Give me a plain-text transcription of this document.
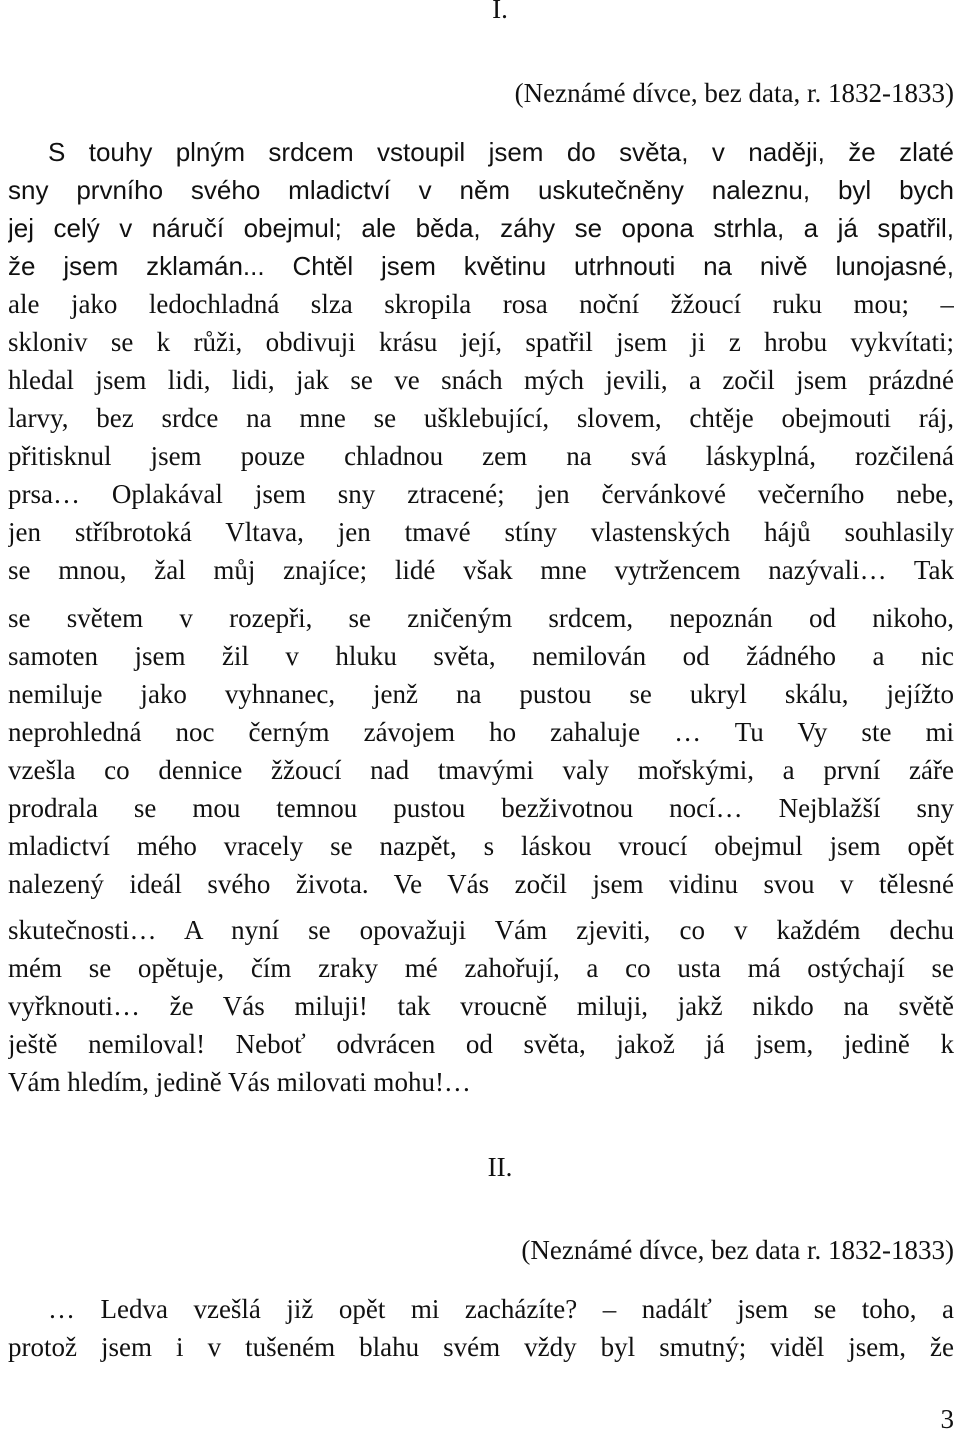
I.
(Neznámé dívce, bez data, r. 1832-1833)
S touhy plným srdcem vstoupil jsem do světa, v naději, že zlaté
sny prvního svého mladictví v něm uskutečněny naleznu, byl bych
jej celý v náručí obejmul; ale běda, záhy se opona strhla, a já spatřil,
že jsem zklamán... Chtěl jsem květinu utrhnouti na nivě lunojasné,
ale jako ledochladná slza skropila rosa noční žžoucí ruku mou; –
skloniv se k růži, obdivuji krásu její, spatřil jsem ji z hrobu vykvítati;
hledal jsem lidi, lidi, jak se ve snách mých jevili, a zočil jsem prázdné
larvy, bez srdce na mne se ušklebující, slovem, chtěje obejmouti ráj,
přitisknul jsem pouze chladnou zem na svá láskyplná, rozčilená
prsa… Oplakával jsem sny ztracené; jen červánkové večerního nebe,
jen stříbrotoká Vltava, jen tmavé stíny vlastenských hájů souhlasily
se mnou, žal můj znajíce; lidé však mne vytržencem nazývali… Tak
se světem v rozepři, se zničeným srdcem, nepoznán od nikoho,
samoten jsem žil v hluku světa, nemilován od žádného a nic
nemiluje jako vyhnanec, jenž na pustou se ukryl skálu, jejížto
neprohledná noc černým závojem ho zahaluje … Tu Vy ste mi
vzešla co dennice žžoucí nad tmavými valy mořskými, a první záře
prodrala se mou temnou pustou bezživotnou nocí… Nejblažší sny
mladictví mého vracely se nazpět, s láskou vroucí obejmul jsem opět
nalezený ideál svého života. Ve Vás zočil jsem vidinu svou v tělesné
skutečnosti… A nyní se opovažuji Vám zjeviti, co v každém dechu
mém se opětuje, čím zraky mé zahořují, a co usta má ostýchají se
vyřknouti… že Vás miluji! tak vroucně miluji, jakž nikdo na světě
ještě nemiloval! Neboť odvrácen od světa, jakož já jsem, jedině k
Vám hledím, jedině Vás milovati mohu!…
II.
(Neznámé dívce, bez data r. 1832-1833)
… Ledva vzešlá již opět mi zacházíte? – nadálť jsem se toho, a
protož jsem i v tušeném blahu svém vždy byl smutný; viděl jsem, že
3
